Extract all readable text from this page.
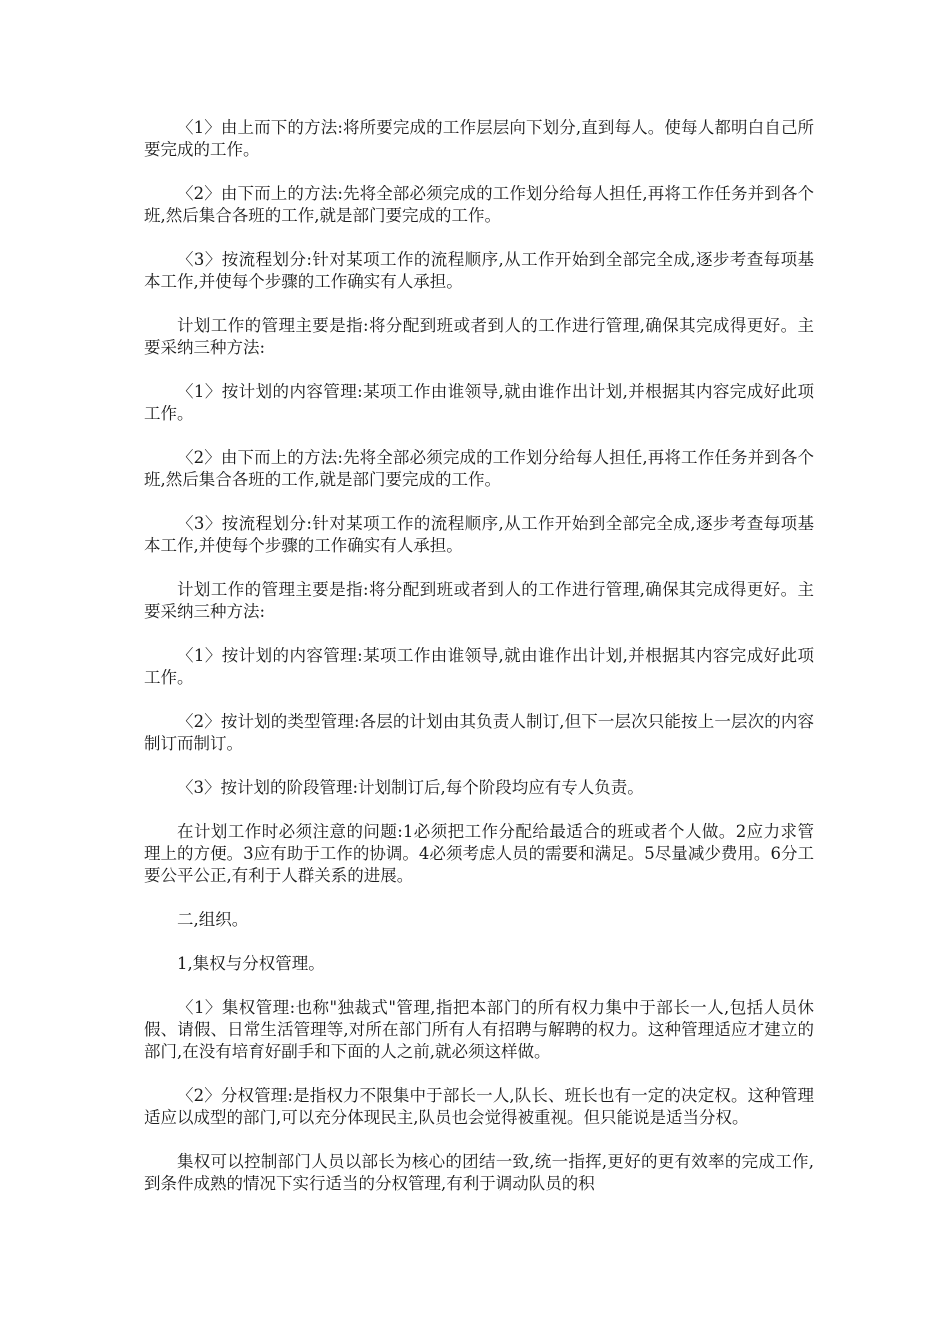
〈1〉由上而下的方法:将所要完成的工作层层向下划分,直到每人。使每人都明白自己所要完成的工作。

〈2〉由下而上的方法:先将全部必须完成的工作划分给每人担任,再将工作任务并到各个班,然后集合各班的工作,就是部门要完成的工作。

〈3〉按流程划分:针对某项工作的流程顺序,从工作开始到全部完全成,逐步考查每项基本工作,并使每个步骤的工作确实有人承担。

计划工作的管理主要是指:将分配到班或者到人的工作进行管理,确保其完成得更好。主要采纳三种方法:

〈1〉按计划的内容管理:某项工作由谁领导,就由谁作出计划,并根据其内容完成好此项工作。

〈2〉由下而上的方法:先将全部必须完成的工作划分给每人担任,再将工作任务并到各个班,然后集合各班的工作,就是部门要完成的工作。

〈3〉按流程划分:针对某项工作的流程顺序,从工作开始到全部完全成,逐步考查每项基本工作,并使每个步骤的工作确实有人承担。

计划工作的管理主要是指:将分配到班或者到人的工作进行管理,确保其完成得更好。主要采纳三种方法:

〈1〉按计划的内容管理:某项工作由谁领导,就由谁作出计划,并根据其内容完成好此项工作。

〈2〉按计划的类型管理:各层的计划由其负责人制订,但下一层次只能按上一层次的内容制订而制订。

〈3〉按计划的阶段管理:计划制订后,每个阶段均应有专人负责。

在计划工作时必须注意的问题:1必须把工作分配给最适合的班或者个人做。2应力求管理上的方便。3应有助于工作的协调。4必须考虑人员的需要和满足。5尽量减少费用。6分工要公平公正,有利于人群关系的进展。

二,组织。

1,集权与分权管理。

〈1〉集权管理:也称"独裁式"管理,指把本部门的所有权力集中于部长一人,包括人员休假、请假、日常生活管理等,对所在部门所有人有招聘与解聘的权力。这种管理适应才建立的部门,在没有培育好副手和下面的人之前,就必须这样做。

〈2〉分权管理:是指权力不限集中于部长一人,队长、班长也有一定的决定权。这种管理适应以成型的部门,可以充分体现民主,队员也会觉得被重视。但只能说是适当分权。

集权可以控制部门人员以部长为核心的团结一致,统一指挥,更好的更有效率的完成工作,到条件成熟的情况下实行适当的分权管理,有利于调动队员的积
